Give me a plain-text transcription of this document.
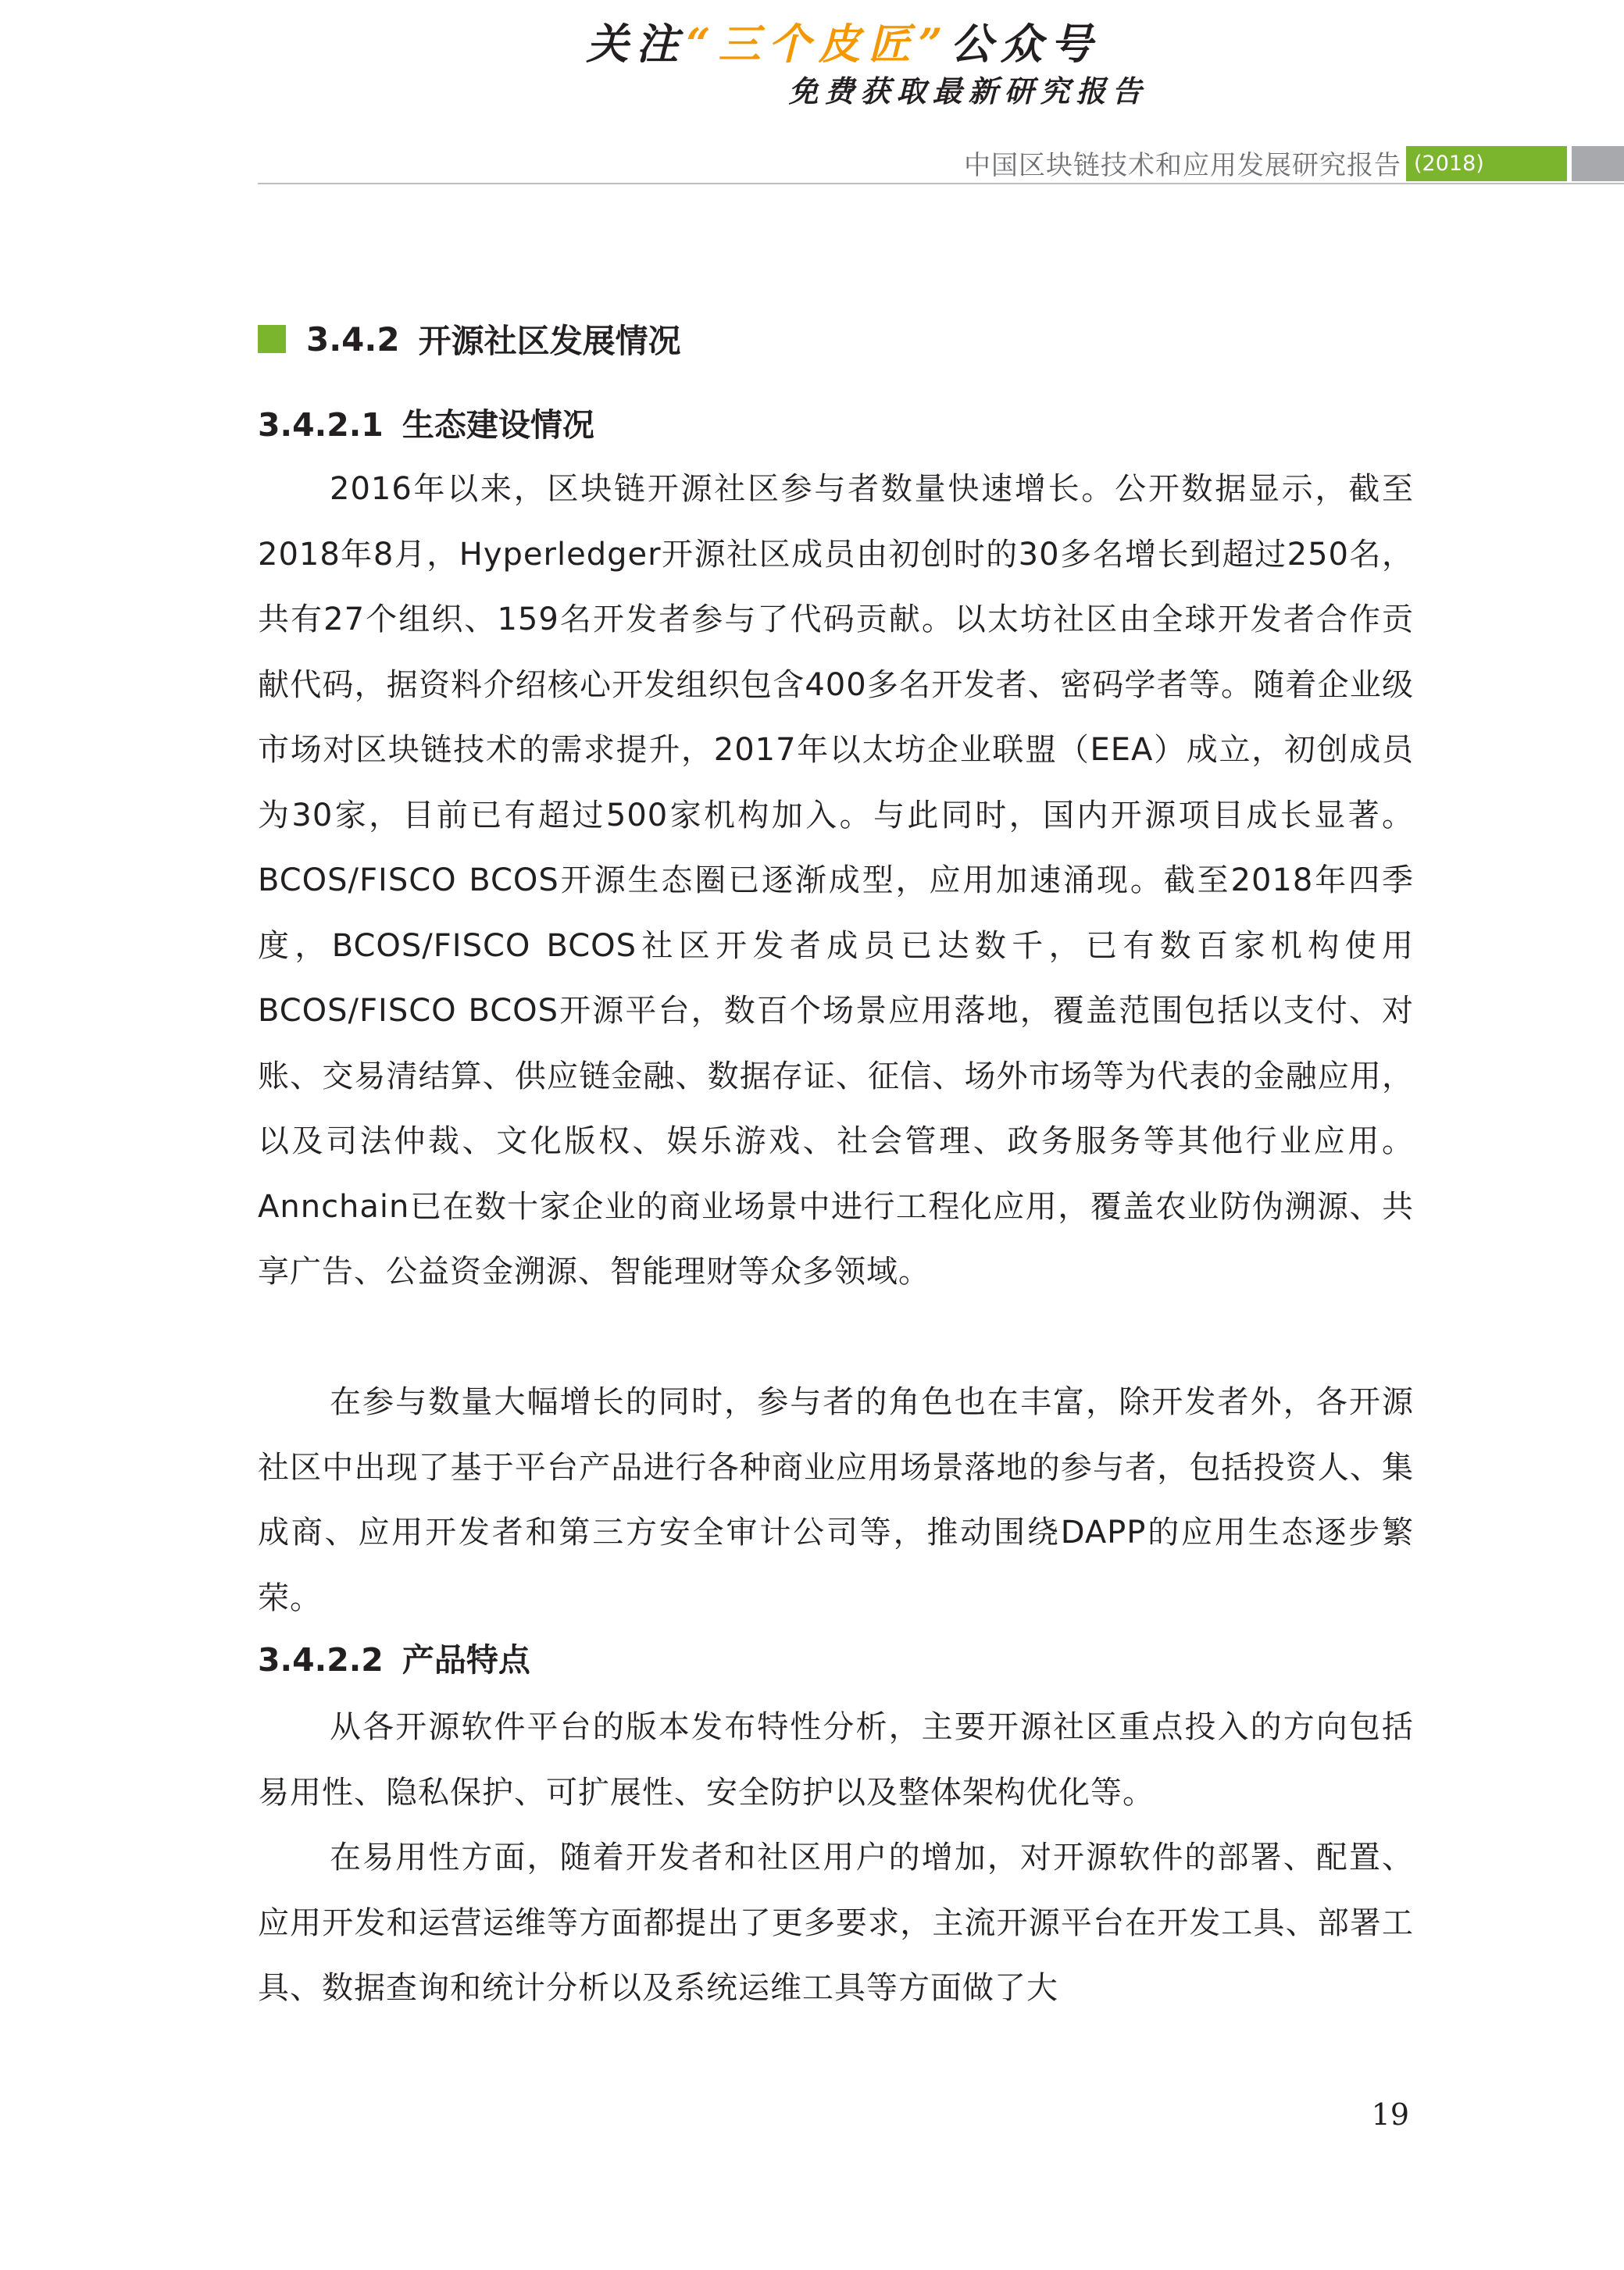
关注“三个皮匠”公众号
免费获取最新研究报告
中国区块链技术和应用发展研究报告 (2018)
3.4.2 开源社区发展情况
3.4.2.1 生态建设情况

2016年以来，区块链开源社区参与者数量快速增长。公开数据显示，截至2018年8月，Hyperledger开源社区成员由初创时的30多名增长到超过250名，共有27个组织、159名开发者参与了代码贡献。以太坊社区由全球开发者合作贡献代码，据资料介绍核心开发组织包含400多名开发者、密码学者等。随着企业级市场对区块链技术的需求提升，2017年以太坊企业联盟（EEA）成立，初创成员为30家，目前已有超过500家机构加入。与此同时，国内开源项目成长显著。BCOS/FISCO BCOS开源生态圈已逐渐成型，应用加速涌现。截至2018年四季度，BCOS/FISCO BCOS社区开发者成员已达数千，已有数百家机构使用BCOS/FISCO BCOS开源平台，数百个场景应用落地，覆盖范围包括以支付、对账、交易清结算、供应链金融、数据存证、征信、场外市场等为代表的金融应用，以及司法仲裁、文化版权、娱乐游戏、社会管理、政务服务等其他行业应用。Annchain已在数十家企业的商业场景中进行工程化应用，覆盖农业防伪溯源、共享广告、公益资金溯源、智能理财等众多领域。

在参与数量大幅增长的同时，参与者的角色也在丰富，除开发者外，各开源社区中出现了基于平台产品进行各种商业应用场景落地的参与者，包括投资人、集成商、应用开发者和第三方安全审计公司等，推动围绕DAPP的应用生态逐步繁荣。

3.4.2.2 产品特点

从各开源软件平台的版本发布特性分析，主要开源社区重点投入的方向包括易用性、隐私保护、可扩展性、安全防护以及整体架构优化等。

在易用性方面，随着开发者和社区用户的增加，对开源软件的部署、配置、应用开发和运营运维等方面都提出了更多要求，主流开源平台在开发工具、部署工具、数据查询和统计分析以及系统运维工具等方面做了大

19
